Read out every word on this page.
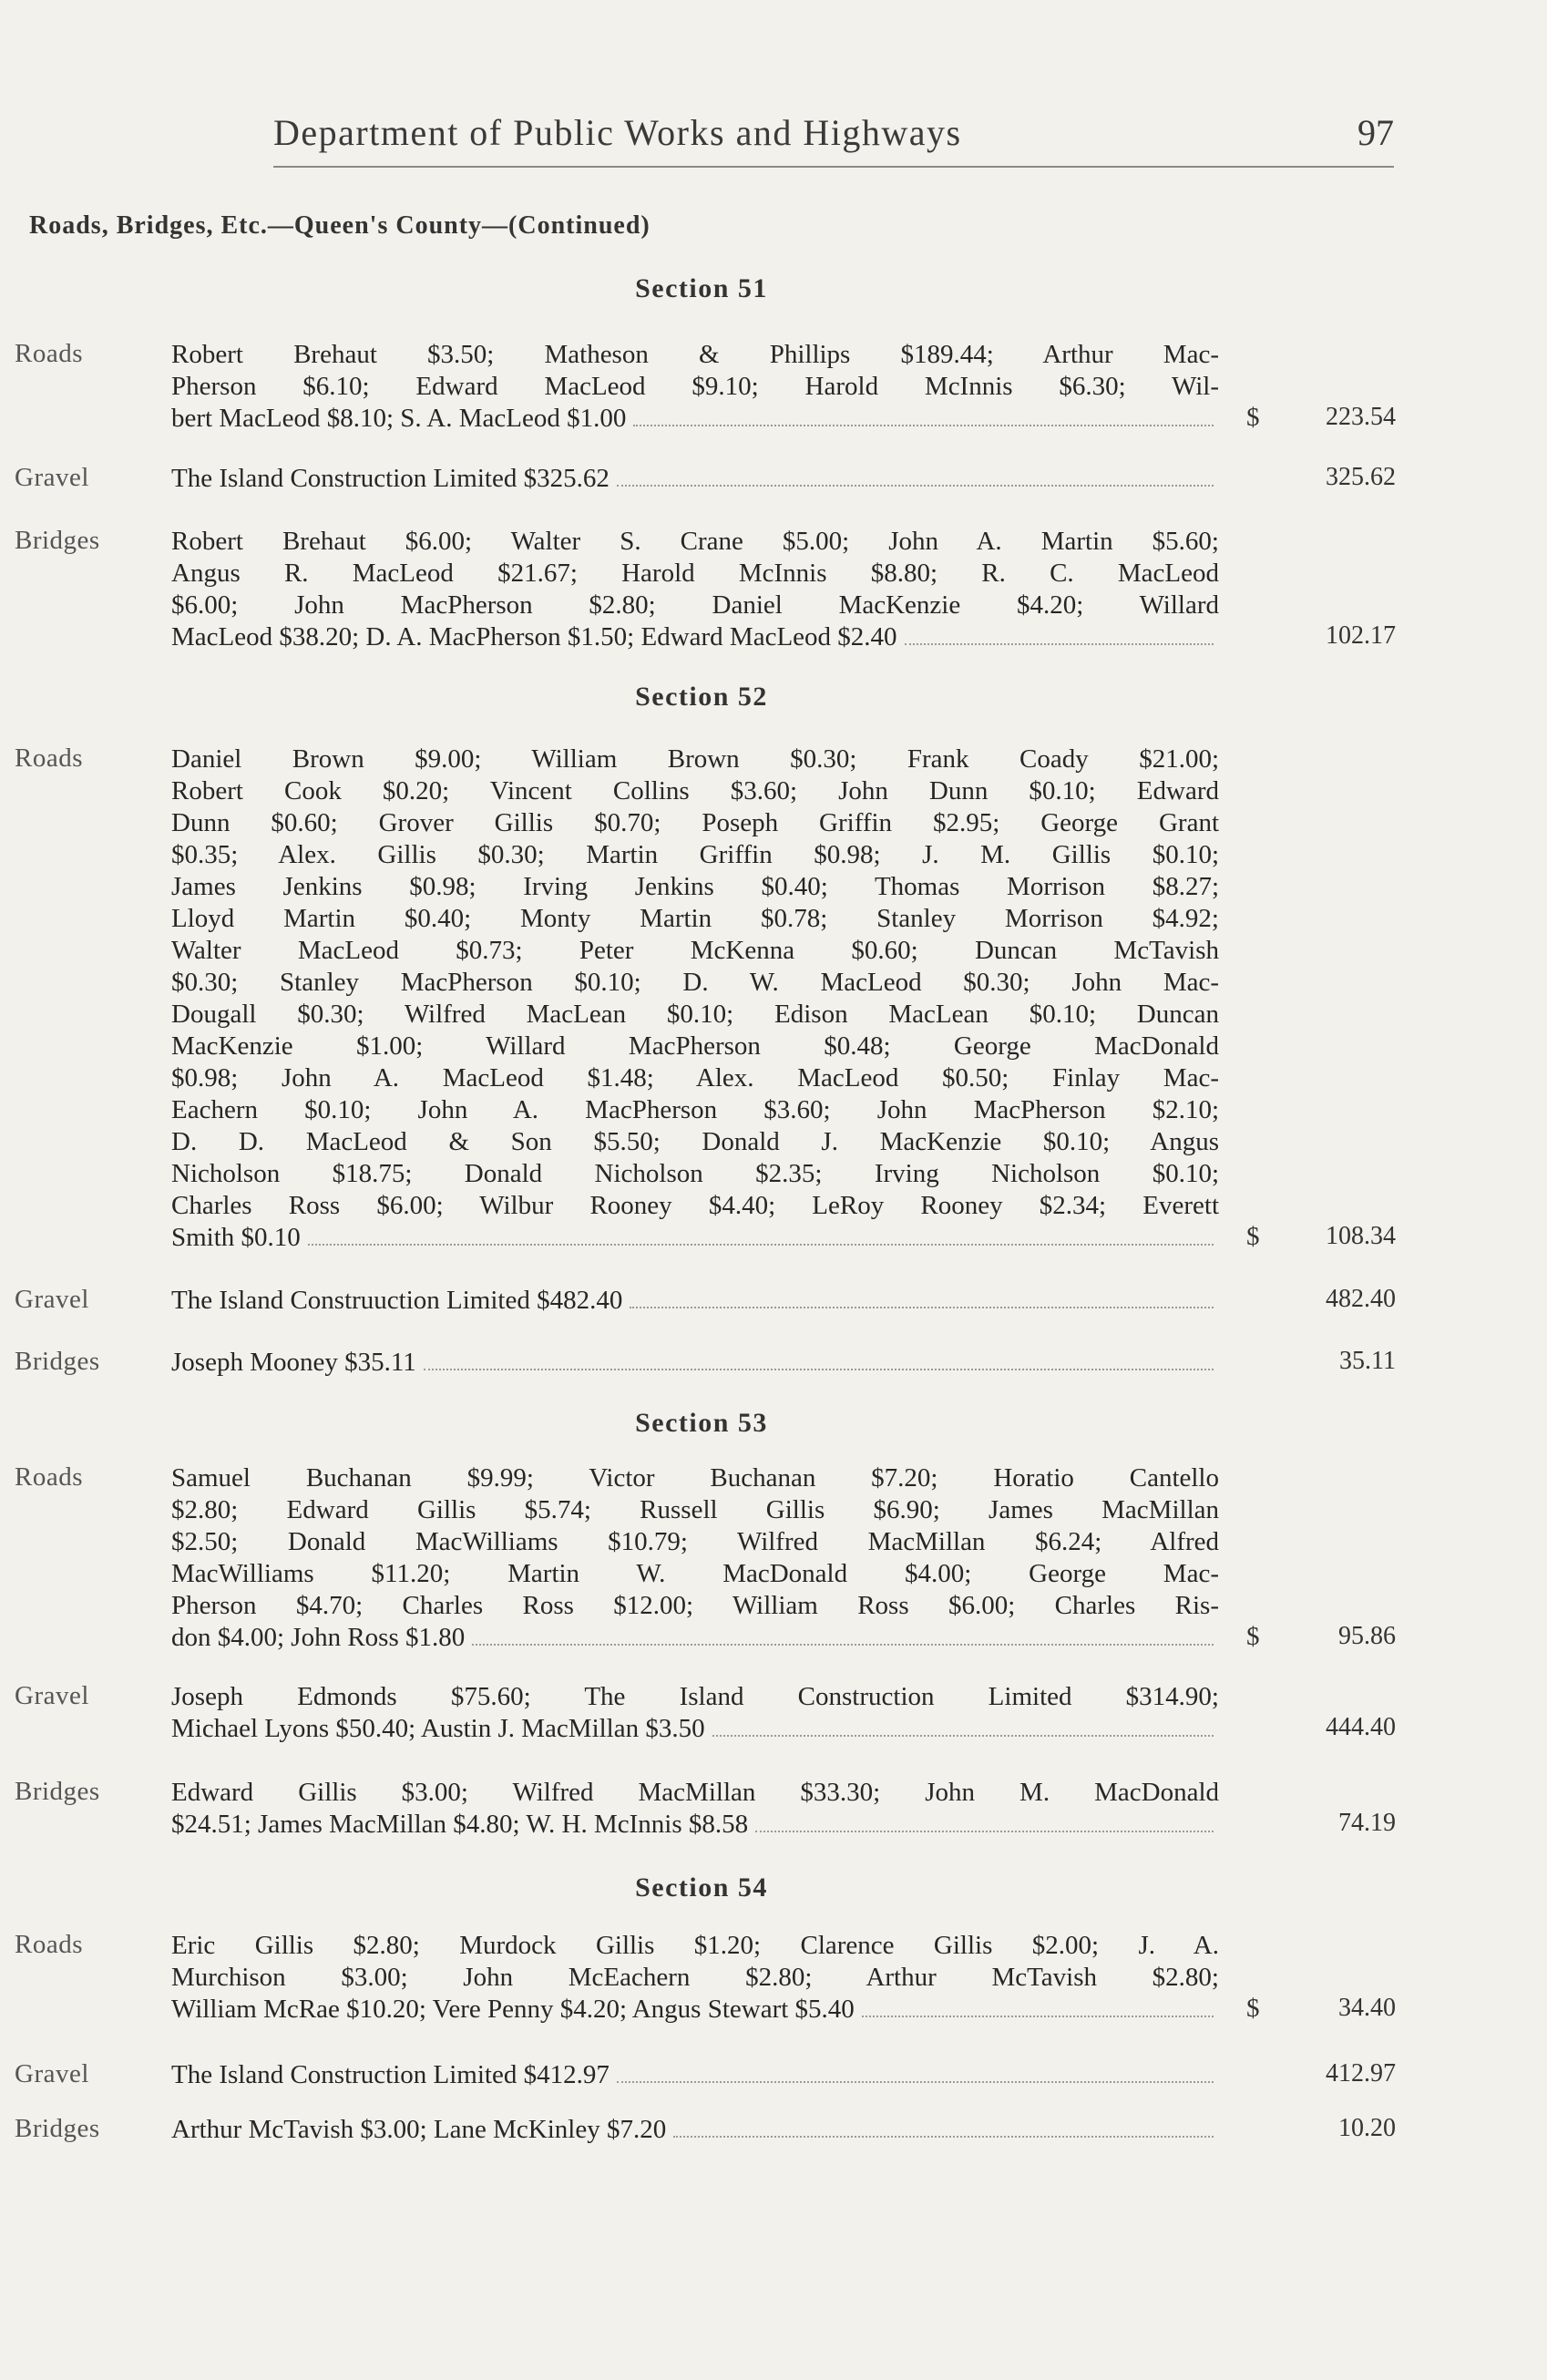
Department of Public Works and Highways	97
Roads, Bridges, Etc.—Queen's County—(Continued)
Section 51
Roads	Robert Brehaut $3.50; Matheson & Phillips $189.44; Arthur Mac-
Pherson $6.10; Edward MacLeod $9.10; Harold McInnis $6.30; Wil-
bert MacLeod $8.10; S. A. MacLeod $1.00	$	223.54
Gravel	The Island Construction Limited $325.62	325.62
Bridges	Robert Brehaut $6.00; Walter S. Crane $5.00; John A. Martin $5.60;
Angus R. MacLeod $21.67; Harold McInnis $8.80; R. C. MacLeod
$6.00; John MacPherson $2.80; Daniel MacKenzie $4.20; Willard
MacLeod $38.20; D. A. MacPherson $1.50; Edward MacLeod $2.40	102.17
Section 52
Roads	Daniel Brown $9.00; William Brown $0.30; Frank Coady $21.00;
Robert Cook $0.20; Vincent Collins $3.60; John Dunn $0.10; Edward
Dunn $0.60; Grover Gillis $0.70; Poseph Griffin $2.95; George Grant
$0.35; Alex. Gillis $0.30; Martin Griffin $0.98; J. M. Gillis $0.10;
James Jenkins $0.98; Irving Jenkins $0.40; Thomas Morrison $8.27;
Lloyd Martin $0.40; Monty Martin $0.78; Stanley Morrison $4.92;
Walter MacLeod $0.73; Peter McKenna $0.60; Duncan McTavish
$0.30; Stanley MacPherson $0.10; D. W. MacLeod $0.30; John Mac-
Dougall $0.30; Wilfred MacLean $0.10; Edison MacLean $0.10; Duncan
MacKenzie $1.00; Willard MacPherson $0.48; George MacDonald
$0.98; John A. MacLeod $1.48; Alex. MacLeod $0.50; Finlay Mac-
Eachern $0.10; John A. MacPherson $3.60; John MacPherson $2.10;
D. D. MacLeod & Son $5.50; Donald J. MacKenzie $0.10; Angus
Nicholson $18.75; Donald Nicholson $2.35; Irving Nicholson $0.10;
Charles Ross $6.00; Wilbur Rooney $4.40; LeRoy Rooney $2.34; Everett
Smith $0.10	$	108.34
Gravel	The Island Construuction Limited $482.40	482.40
Bridges	Joseph Mooney $35.11	35.11
Section 53
Roads	Samuel Buchanan $9.99; Victor Buchanan $7.20; Horatio Cantello
$2.80; Edward Gillis $5.74; Russell Gillis $6.90; James MacMillan
$2.50; Donald MacWilliams $10.79; Wilfred MacMillan $6.24; Alfred
MacWilliams $11.20; Martin W. MacDonald $4.00; George Mac-
Pherson $4.70; Charles Ross $12.00; William Ross $6.00; Charles Ris-
don $4.00; John Ross $1.80	$	95.86
Gravel	Joseph Edmonds $75.60; The Island Construction Limited $314.90;
Michael Lyons $50.40; Austin J. MacMillan $3.50	444.40
Bridges	Edward Gillis $3.00; Wilfred MacMillan $33.30; John M. MacDonald
$24.51; James MacMillan $4.80; W. H. McInnis $8.58	74.19
Section 54
Roads	Eric Gillis $2.80; Murdock Gillis $1.20; Clarence Gillis $2.00; J. A.
Murchison $3.00; John McEachern $2.80; Arthur McTavish $2.80;
William McRae $10.20; Vere Penny $4.20; Angus Stewart $5.40	$	34.40
Gravel	The Island Construction Limited $412.97	412.97
Bridges	Arthur McTavish $3.00; Lane McKinley $7.20	10.20
